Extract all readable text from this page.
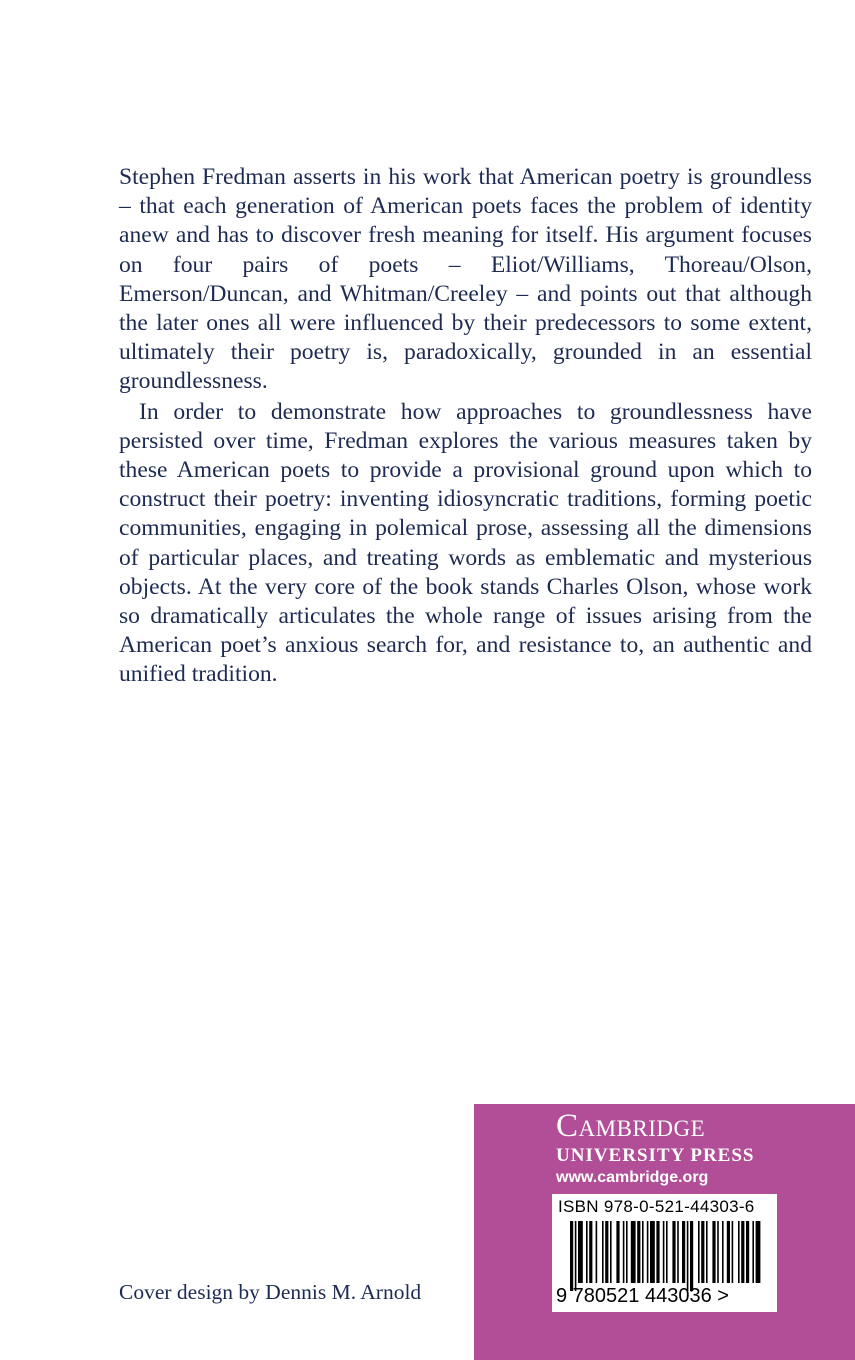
Stephen Fredman asserts in his work that American poetry is groundless – that each generation of American poets faces the problem of identity anew and has to discover fresh meaning for itself. His argument focuses on four pairs of poets – Eliot/Williams, Thoreau/Olson, Emerson/Duncan, and Whitman/Creeley – and points out that although the later ones all were influenced by their predecessors to some extent, ultimately their poetry is, paradoxically, grounded in an essential groundlessness.

In order to demonstrate how approaches to groundlessness have persisted over time, Fredman explores the various measures taken by these American poets to provide a provisional ground upon which to construct their poetry: inventing idiosyncratic traditions, forming poetic communities, engaging in polemical prose, assessing all the dimensions of particular places, and treating words as emblematic and mysterious objects. At the very core of the book stands Charles Olson, whose work so dramatically articulates the whole range of issues arising from the American poet’s anxious search for, and resistance to, an authentic and unified tradition.

Cover design by Dennis M. Arnold
Cambridge
UNIVERSITY PRESS
www.cambridge.org
ISBN 978-0-521-44303-6
9 780521 443036 >
